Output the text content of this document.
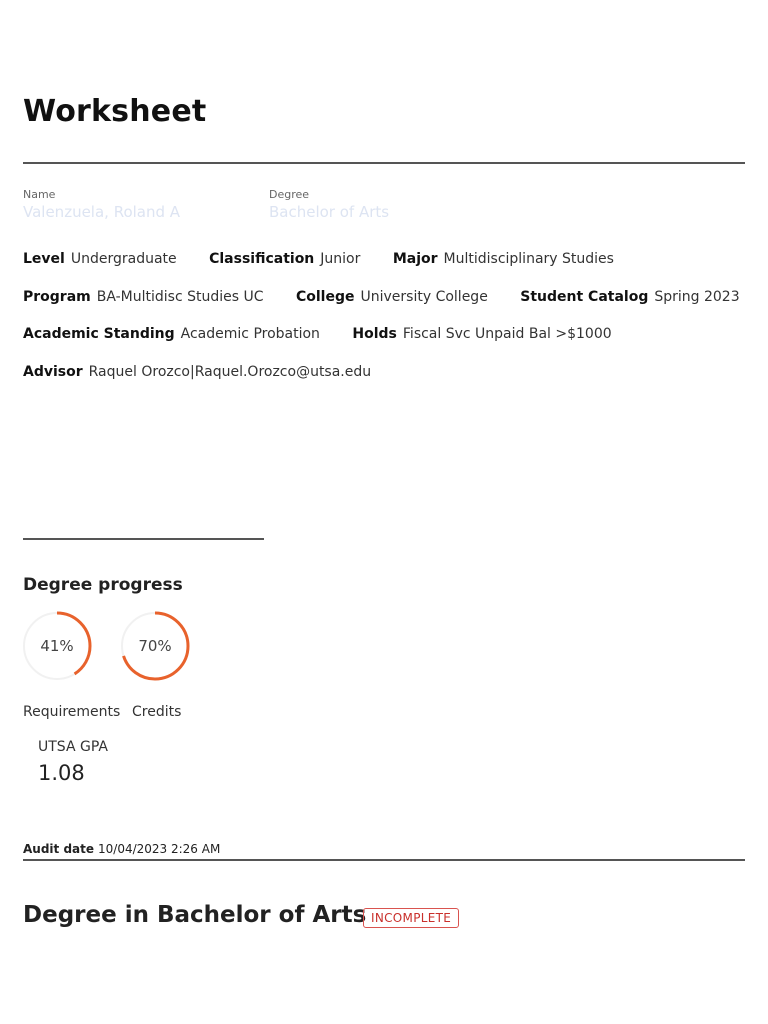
Worksheet
Name
Valenzuela, Roland A
Degree
Bachelor of Arts
Level Undergraduate Classification Junior Major Multidisciplinary Studies
Program BA-Multidisc Studies UC College University College Student Catalog Spring 2023
Academic Standing Academic Probation Holds Fiscal Svc Unpaid Bal >$1000
Advisor Raquel Orozco|Raquel.Orozco@utsa.edu
Degree progress
41%	70%
Requirements Credits
UTSA GPA
1.08
Audit date 10/04/2023 2:26 AM
Degree in Bachelor of Arts INCOMPLETE
